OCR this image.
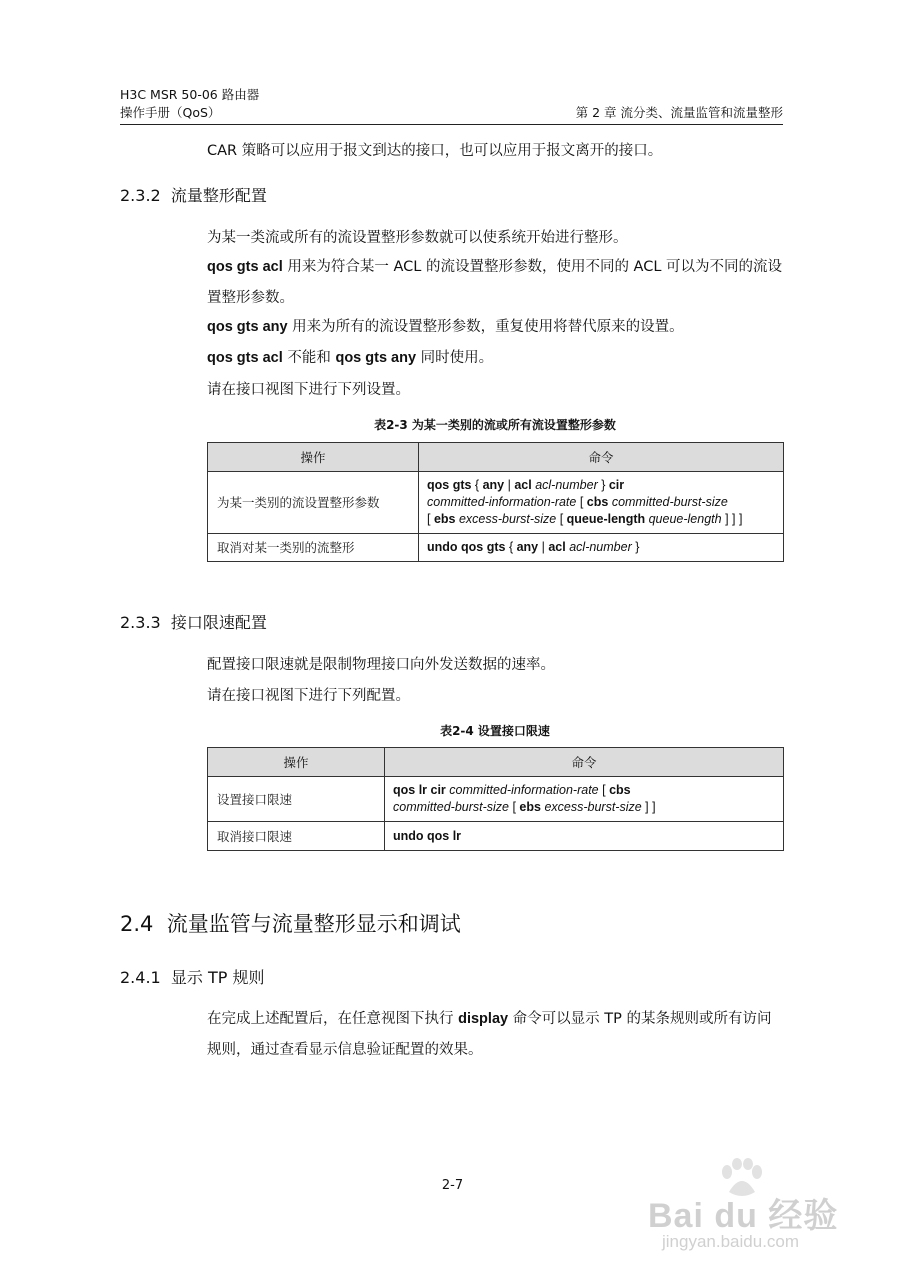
H3C MSR 50-06 路由器
操作手册（QoS）	第 2 章 流分类、流量监管和流量整形
CAR 策略可以应用于报文到达的接口，也可以应用于报文离开的接口。
2.3.2 流量整形配置
为某一类流或所有的流设置整形参数就可以使系统开始进行整形。
qos gts acl 用来为符合某一 ACL 的流设置整形参数，使用不同的 ACL 可以为不同的流设置整形参数。
qos gts any 用来为所有的流设置整形参数，重复使用将替代原来的设置。
qos gts acl 不能和 qos gts any 同时使用。
请在接口视图下进行下列设置。
表2-3 为某一类别的流或所有流设置整形参数
操作	命令
为某一类别的流设置整形参数	qos gts { any | acl acl-number } cir
committed-information-rate [ cbs committed-burst-size
[ ebs excess-burst-size [ queue-length queue-length ] ] ]
取消对某一类别的流整形	undo qos gts { any | acl acl-number }
2.3.3 接口限速配置
配置接口限速就是限制物理接口向外发送数据的速率。
请在接口视图下进行下列配置。
表2-4 设置接口限速
操作	命令
设置接口限速	qos lr cir committed-information-rate [ cbs
committed-burst-size [ ebs excess-burst-size ] ]
取消接口限速	undo qos lr
2.4 流量监管与流量整形显示和调试
2.4.1 显示 TP 规则
在完成上述配置后，在任意视图下执行 display 命令可以显示 TP 的某条规则或所有访问规则，通过查看显示信息验证配置的效果。
2-7
Bai du 经验
jingyan.baidu.com
